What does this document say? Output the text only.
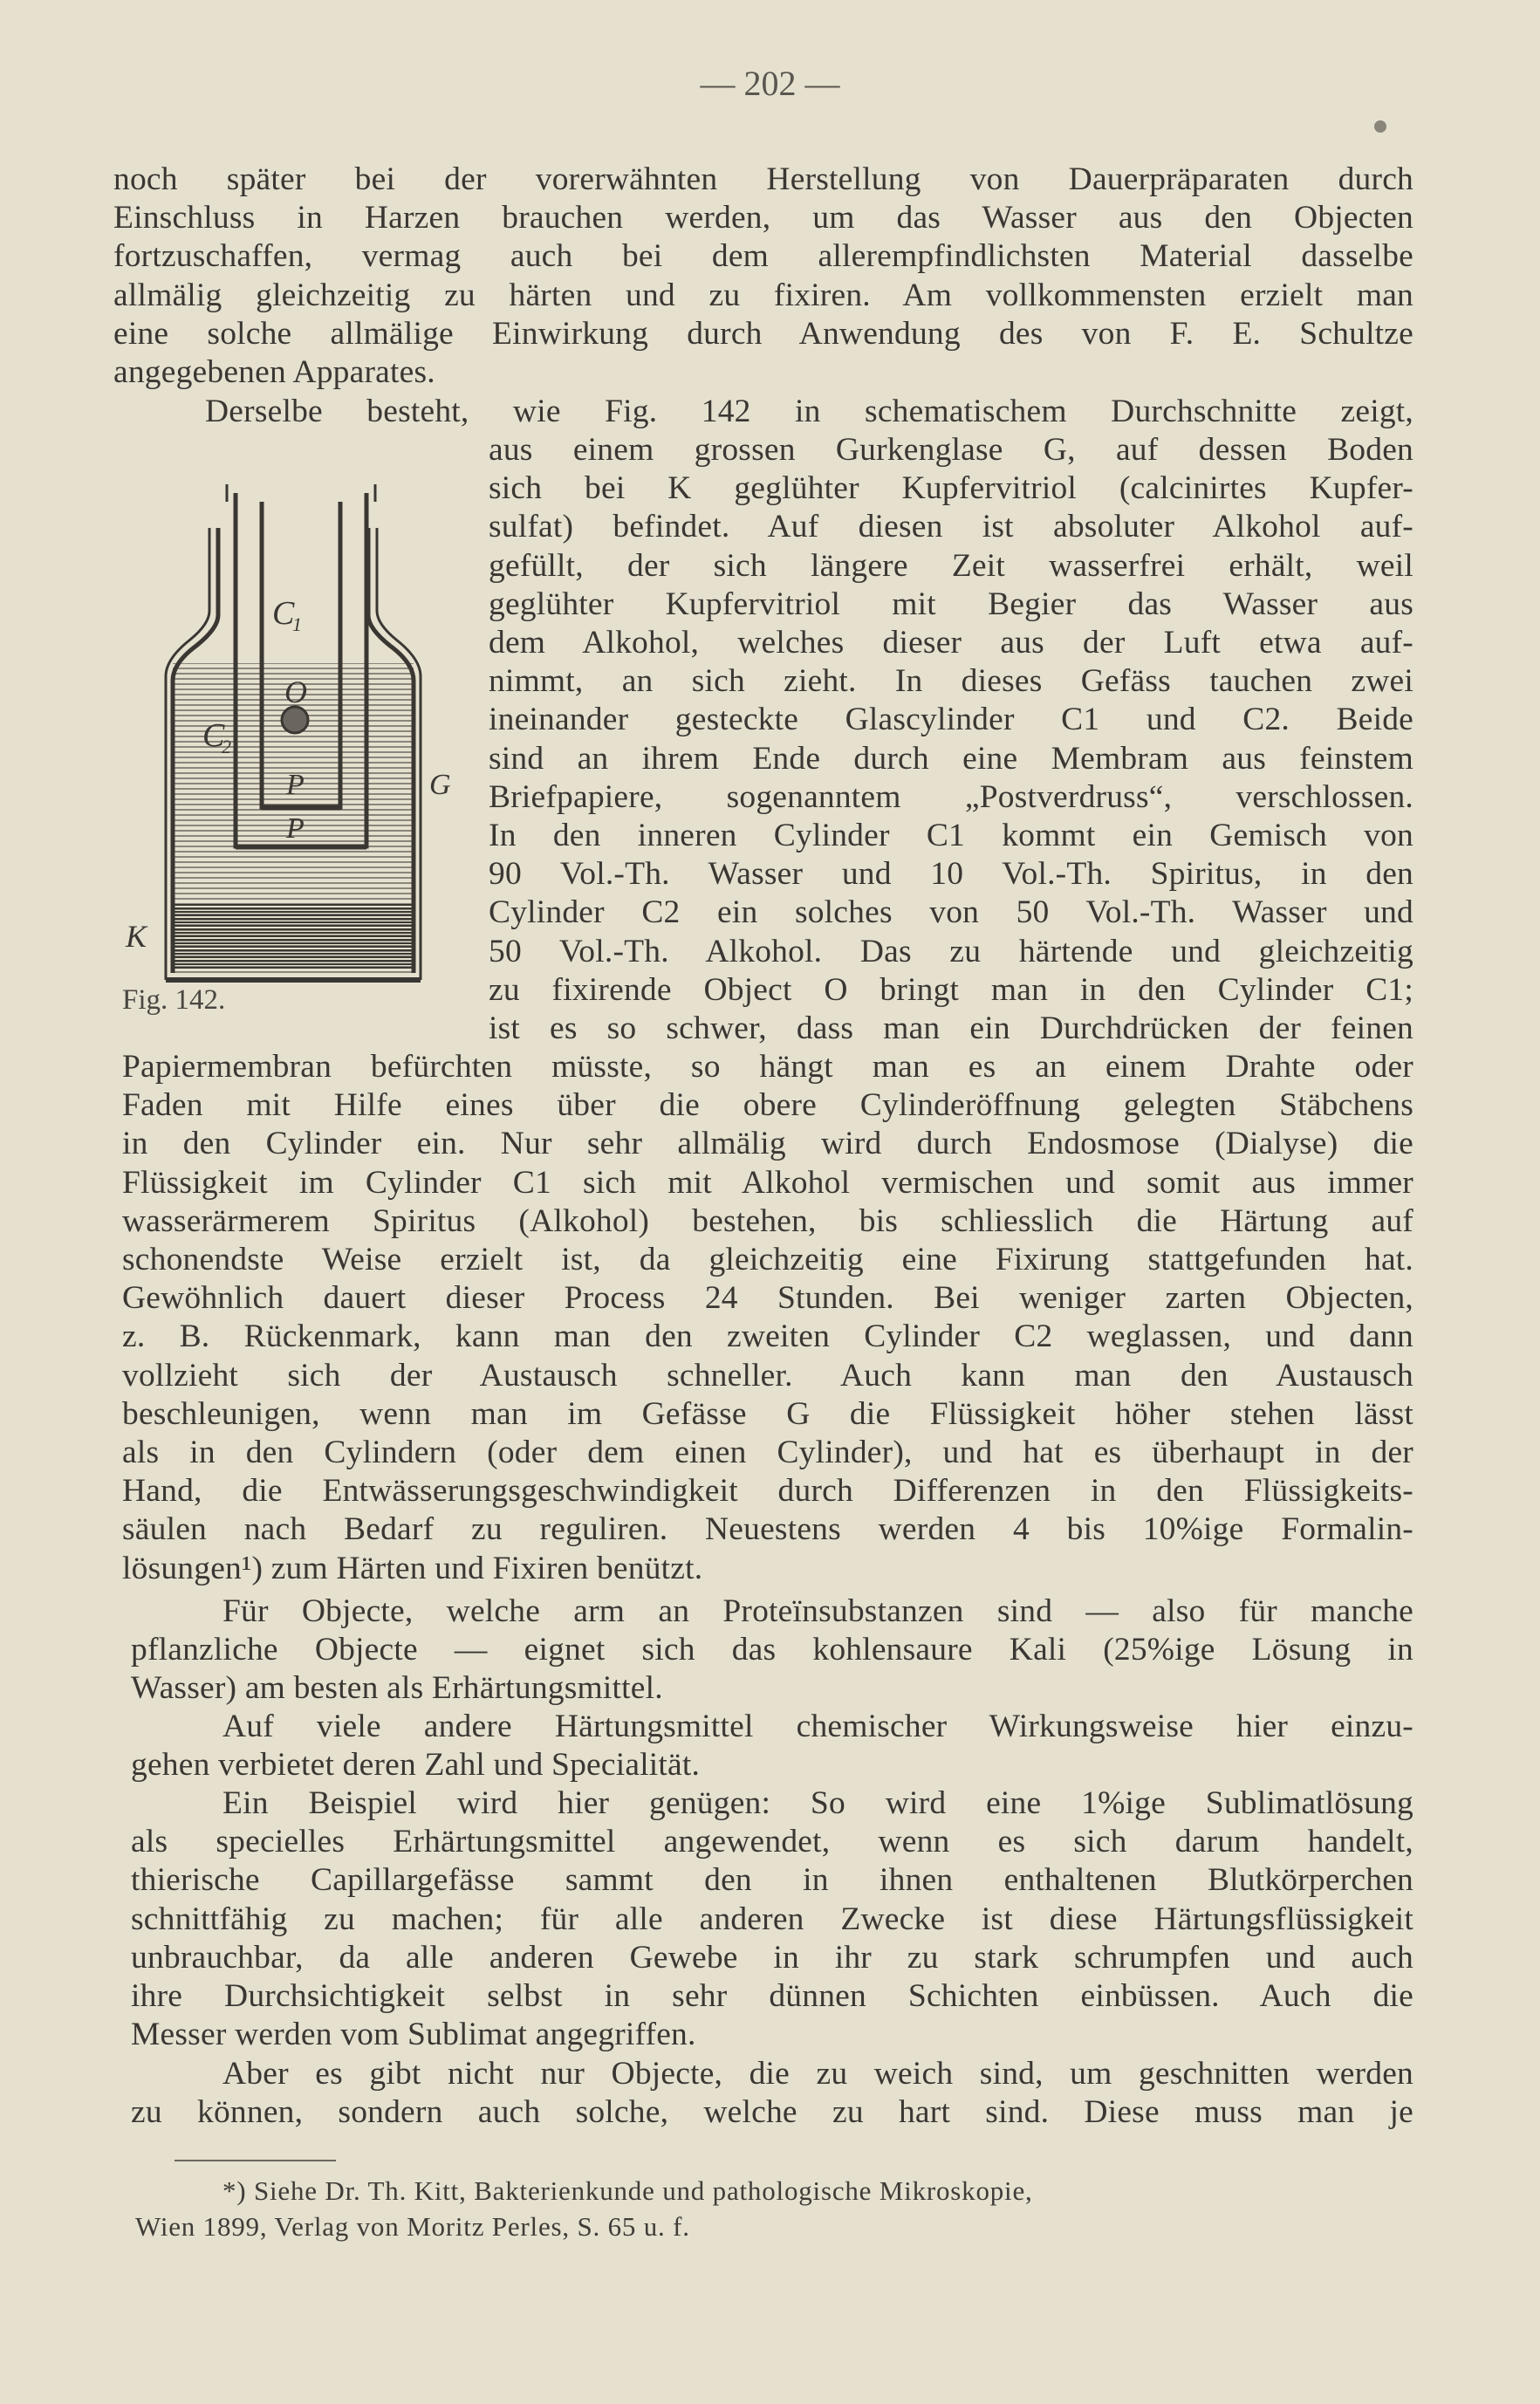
— 202 —
noch später bei der vorerwähnten Herstellung von Dauerpräparaten durch
Einschluss in Harzen brauchen werden, um das Wasser aus den Objecten
fortzuschaffen, vermag auch bei dem allerempfindlichsten Material dasselbe
allmälig gleichzeitig zu härten und zu fixiren. Am vollkommensten erzielt man
eine solche allmälige Einwirkung durch Anwendung des von F. E. Schultze
angegebenen Apparates.
Derselbe besteht, wie Fig. 142 in schematischem Durchschnitte zeigt,
aus einem grossen Gurkenglase G, auf dessen Boden
sich bei K geglühter Kupfervitriol (calcinirtes Kupfer-
sulfat) befindet. Auf diesen ist absoluter Alkohol auf-
gefüllt, der sich längere Zeit wasserfrei erhält, weil
geglühter Kupfervitriol mit Begier das Wasser aus
dem Alkohol, welches dieser aus der Luft etwa auf-
nimmt, an sich zieht. In dieses Gefäss tauchen zwei
ineinander gesteckte Glascylinder C1 und C2. Beide
sind an ihrem Ende durch eine Membram aus feinstem
Briefpapiere, sogenanntem „Postverdruss“, verschlossen.
In den inneren Cylinder C1 kommt ein Gemisch von
90 Vol.-Th. Wasser und 10 Vol.-Th. Spiritus, in den
Cylinder C2 ein solches von 50 Vol.-Th. Wasser und
50 Vol.-Th. Alkohol. Das zu härtende und gleichzeitig
zu fixirende Object O bringt man in den Cylinder C1;
ist es so schwer, dass man ein Durchdrücken der feinen
Papiermembran befürchten müsste, so hängt man es an einem Drahte oder
Faden mit Hilfe eines über die obere Cylinderöffnung gelegten Stäbchens
in den Cylinder ein. Nur sehr allmälig wird durch Endosmose (Dialyse) die
Flüssigkeit im Cylinder C1 sich mit Alkohol vermischen und somit aus immer
wasserärmerem Spiritus (Alkohol) bestehen, bis schliesslich die Härtung auf
schonendste Weise erzielt ist, da gleichzeitig eine Fixirung stattgefunden hat.
Gewöhnlich dauert dieser Process 24 Stunden. Bei weniger zarten Objecten,
z. B. Rückenmark, kann man den zweiten Cylinder C2 weglassen, und dann
vollzieht sich der Austausch schneller. Auch kann man den Austausch
beschleunigen, wenn man im Gefässe G die Flüssigkeit höher stehen lässt
als in den Cylindern (oder dem einen Cylinder), und hat es überhaupt in der
Hand, die Entwässerungsgeschwindigkeit durch Differenzen in den Flüssigkeits-
säulen nach Bedarf zu reguliren. Neuestens werden 4 bis 10%ige Formalin-
lösungen¹) zum Härten und Fixiren benützt.
Für Objecte, welche arm an Proteïnsubstanzen sind — also für manche
pflanzliche Objecte — eignet sich das kohlensaure Kali (25%ige Lösung in
Wasser) am besten als Erhärtungsmittel.
Auf viele andere Härtungsmittel chemischer Wirkungsweise hier einzu-
gehen verbietet deren Zahl und Specialität.
Ein Beispiel wird hier genügen: So wird eine 1%ige Sublimatlösung
als specielles Erhärtungsmittel angewendet, wenn es sich darum handelt,
thierische Capillargefässe sammt den in ihnen enthaltenen Blutkörperchen
schnittfähig zu machen; für alle anderen Zwecke ist diese Härtungsflüssigkeit
unbrauchbar, da alle anderen Gewebe in ihr zu stark schrumpfen und auch
ihre Durchsichtigkeit selbst in sehr dünnen Schichten einbüssen. Auch die
Messer werden vom Sublimat angegriffen.
Aber es gibt nicht nur Objecte, die zu weich sind, um geschnitten werden
zu können, sondern auch solche, welche zu hart sind. Diese muss man je
*) Siehe Dr. Th. Kitt, Bakterienkunde und pathologische Mikroskopie,
Wien 1899, Verlag von Moritz Perles, S. 65 u. f.
C
1
O
C
2
P
P
G
K
Fig. 142.
